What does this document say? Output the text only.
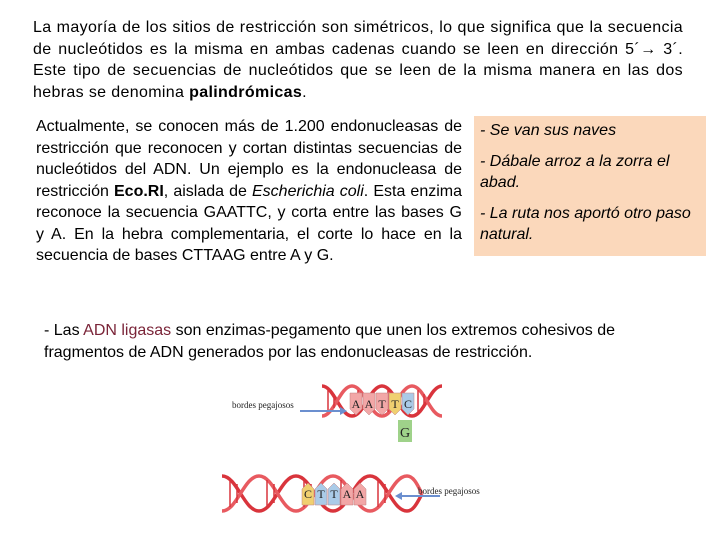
La mayoría de los sitios de restricción son simétricos, lo que significa que la secuencia de nucleótidos es la misma en ambas cadenas cuando se leen en dirección 5´→ 3´. Este tipo de secuencias de nucleótidos que se leen de la misma manera en las dos hebras se denomina palindrómicas.
Actualmente, se conocen más de 1.200 endonucleasas de restricción que reconocen y cortan distintas secuencias de nucleótidos del ADN. Un ejemplo es la endonucleasa de restricción Eco.RI, aislada de Escherichia coli. Esta enzima reconoce la secuencia GAATTC, y corta entre las bases G y A. En la hebra complementaria, el corte lo hace en la secuencia de bases CTTAAG entre A y G.
- Se van sus naves
- Dábale arroz a la zorra el abad.
- La ruta nos aportó otro paso natural.
- Las ADN ligasas son enzimas-pegamento que unen los extremos cohesivos de fragmentos de ADN generados por las endonucleasas de restricción.
bordes pegajosos	A A T T C
G
C T T A A	bordes pegajosos
